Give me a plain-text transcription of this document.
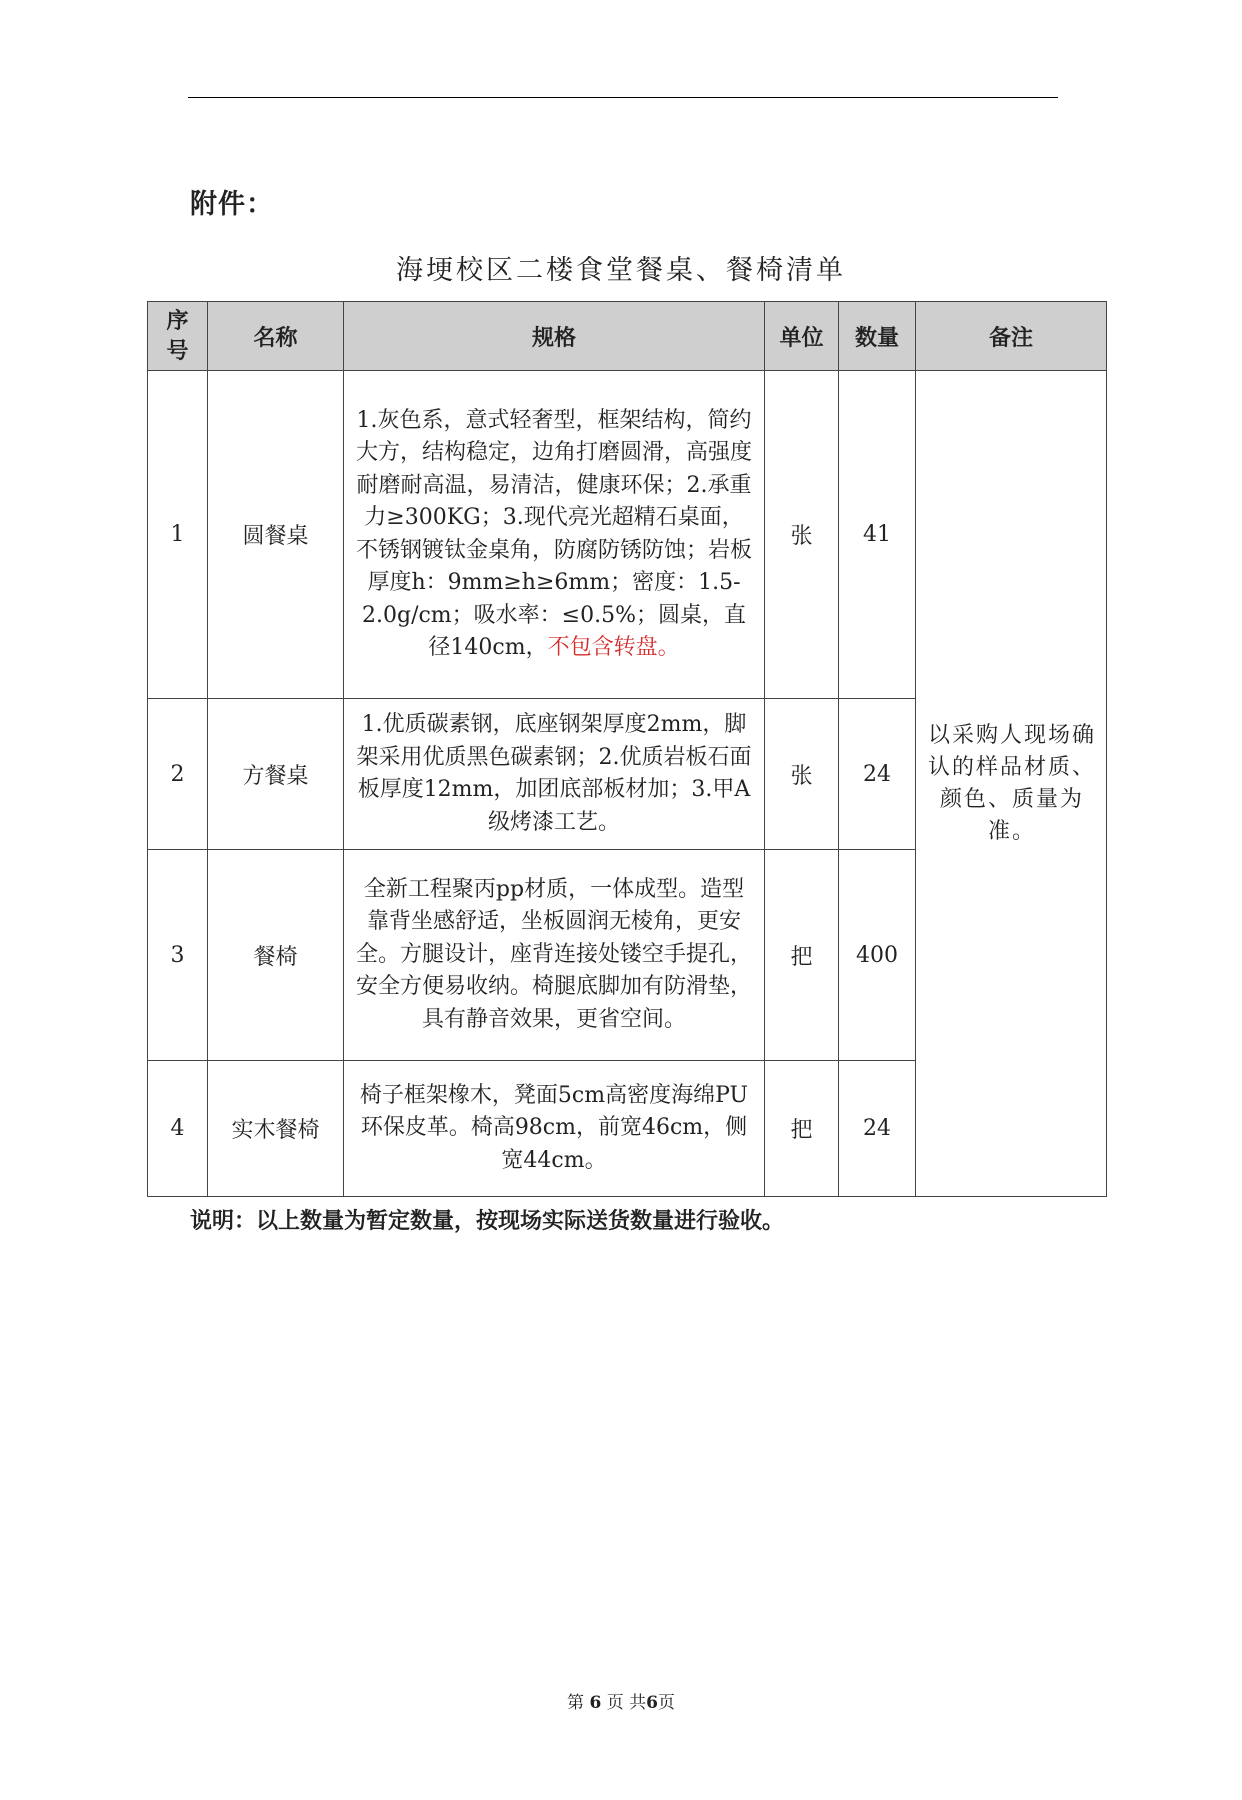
附件：
海埂校区二楼食堂餐桌、餐椅清单
序号	名称	规格	单位	数量	备注
1	圆餐桌	1.灰色系，意式轻奢型，框架结构，简约大方，结构稳定，边角打磨圆滑，高强度耐磨耐高温，易清洁，健康环保；2.承重力≥300KG；3.现代亮光超精石桌面，不锈钢镀钛金桌角，防腐防锈防蚀；岩板厚度h：9mm≥h≥6mm；密度：1.5-2.0g/cm；吸水率：≤0.5%；圆桌，直径140cm，不包含转盘。	张	41	以采购人现场确认的样品材质、颜色、质量为准。
2	方餐桌	1.优质碳素钢，底座钢架厚度2mm，脚架采用优质黑色碳素钢；2.优质岩板石面板厚度12mm，加团底部板材加；3.甲A级烤漆工艺。	张	24	
3	餐椅	全新工程聚丙pp材质，一体成型。造型靠背坐感舒适，坐板圆润无棱角，更安全。方腿设计，座背连接处镂空手提孔，安全方便易收纳。椅腿底脚加有防滑垫，具有静音效果，更省空间。	把	400	
4	实木餐椅	椅子框架橡木，凳面5cm高密度海绵PU环保皮革。椅高98cm，前宽46cm，侧宽44cm。	把	24	
说明：以上数量为暂定数量，按现场实际送货数量进行验收。
第 6 页 共6页
